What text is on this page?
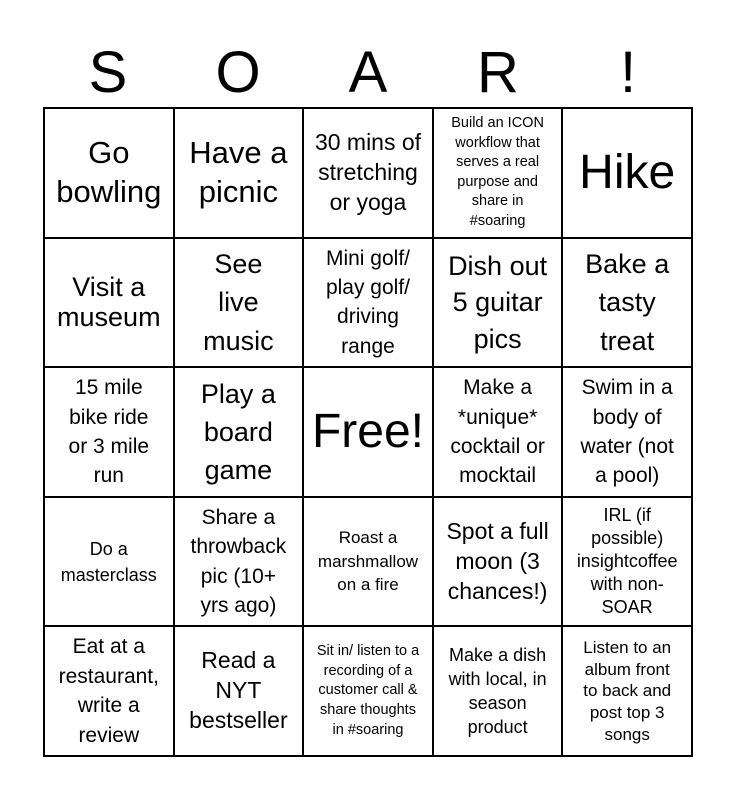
S	O	A	R	!
Go
bowling
Have a
picnic
30 mins of
stretching
or yoga
Build an ICON
workflow that
serves a real
purpose and
share in
#soaring
Hike
Visit a
museum
See
live
music
Mini golf/
play golf/
driving
range
Dish out
5 guitar
pics
Bake a
tasty
treat
15 mile
bike ride
or 3 mile
run
Play a
board
game
Free!
Make a
*unique*
cocktail or
mocktail
Swim in a
body of
water (not
a pool)
Do a
masterclass
Share a
throwback
pic (10+
yrs ago)
Roast a
marshmallow
on a fire
Spot a full
moon (3
chances!)
IRL (if
possible)
insightcoffee
with non-
SOAR
Eat at a
restaurant,
write a
review
Read a
NYT
bestseller
Sit in/ listen to a
recording of a
customer call &
share thoughts
in #soaring
Make a dish
with local, in
season
product
Listen to an
album front
to back and
post top 3
songs
